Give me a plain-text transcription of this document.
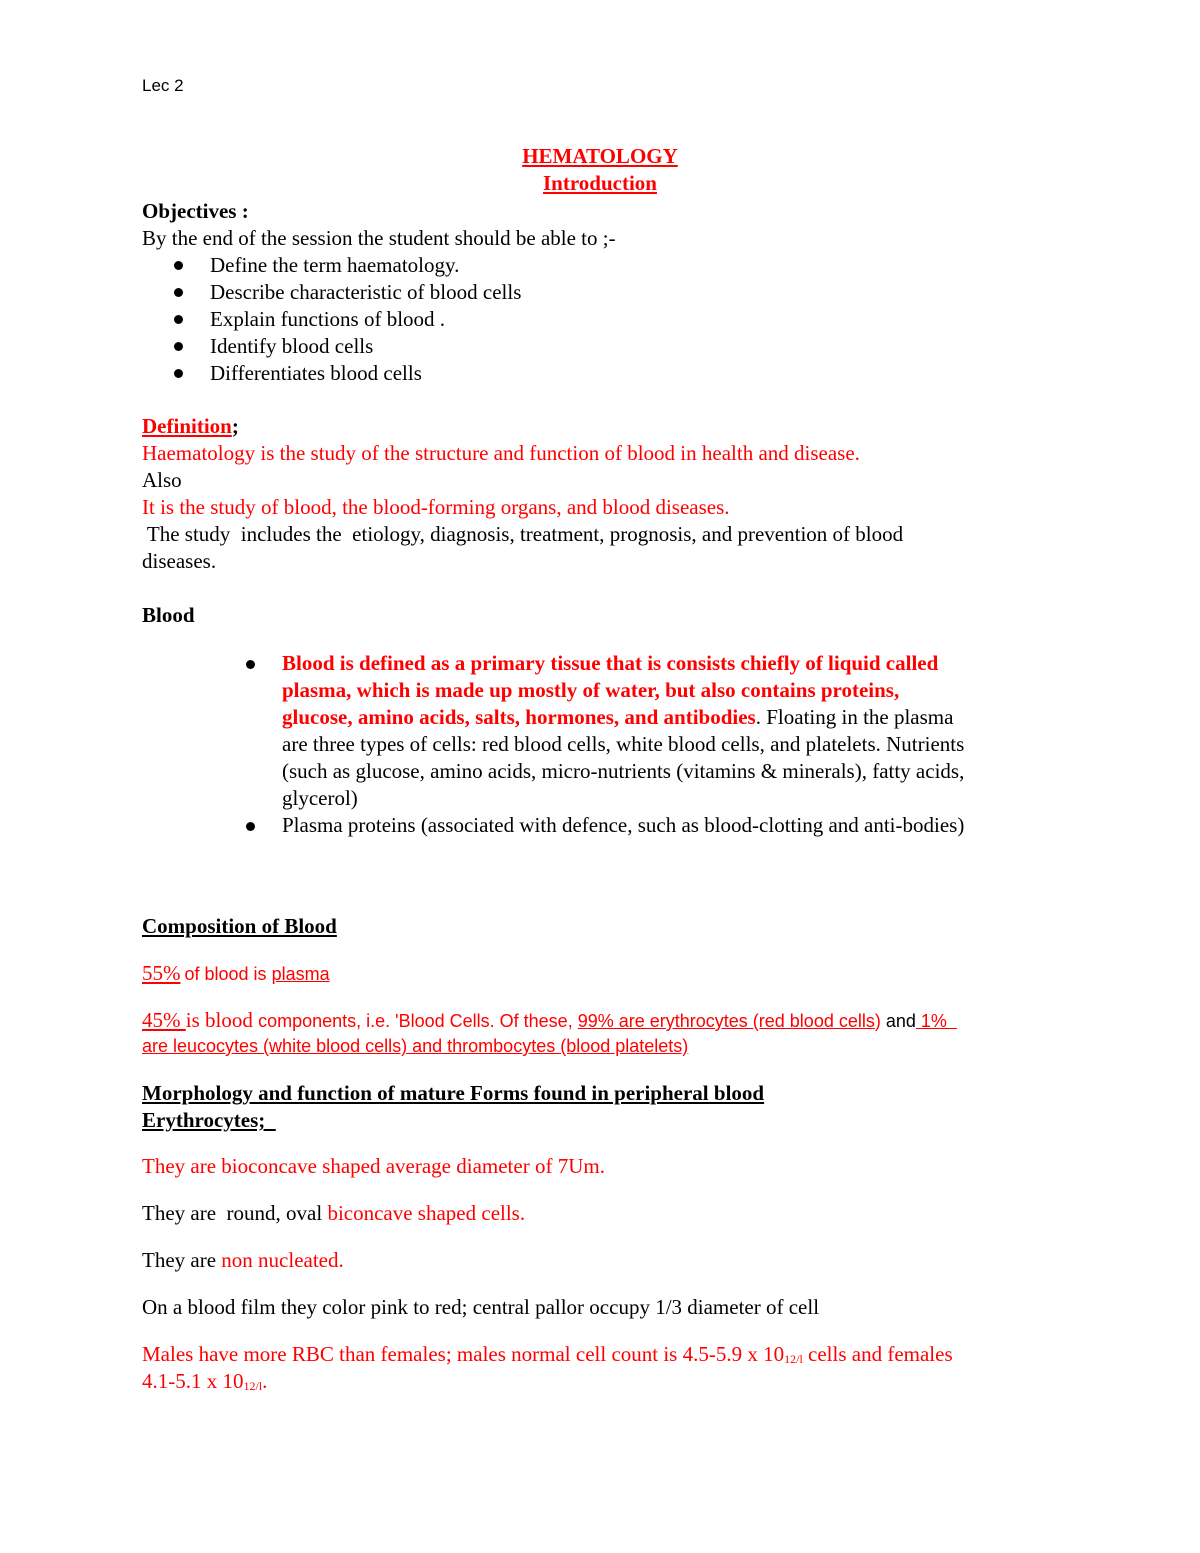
Lec 2
HEMATOLOGY
Introduction
Objectives :
By the end of the session the student should be able to ;-
Define the term haematology.
Describe characteristic of blood cells
Explain functions of blood .
Identify blood cells
Differentiates blood cells
Definition;
Haematology is the study of the structure and function of blood in health and disease.
Also
It is the study of blood, the blood-forming organs, and blood diseases.
The study  includes the  etiology, diagnosis, treatment, prognosis, and prevention of blood
diseases.
Blood
Blood is defined as a primary tissue that is consists chiefly of liquid called
plasma, which is made up mostly of water, but also contains proteins,
glucose, amino acids, salts, hormones, and antibodies. Floating in the plasma
are three types of cells: red blood cells, white blood cells, and platelets. Nutrients
(such as glucose, amino acids, micro-nutrients (vitamins & minerals), fatty acids,
glycerol)
Plasma proteins (associated with defence, such as blood-clotting and anti-bodies)
Composition of Blood
55% of blood is plasma
45% is blood components, i.e. 'Blood Cells. Of these, 99% are erythrocytes (red blood cells) and 1%
are leucocytes (white blood cells) and thrombocytes (blood platelets)
Morphology and function of mature Forms found in peripheral blood
Erythrocytes;
They are bioconcave shaped average diameter of 7Um.
They are  round, oval biconcave shaped cells.
They are non nucleated.
On a blood film they color pink to red; central pallor occupy 1/3 diameter of cell
Males have more RBC than females; males normal cell count is 4.5-5.9 x $10_{12/l}$ cells and females
4.1-5.1 x $10_{12/l}$.
